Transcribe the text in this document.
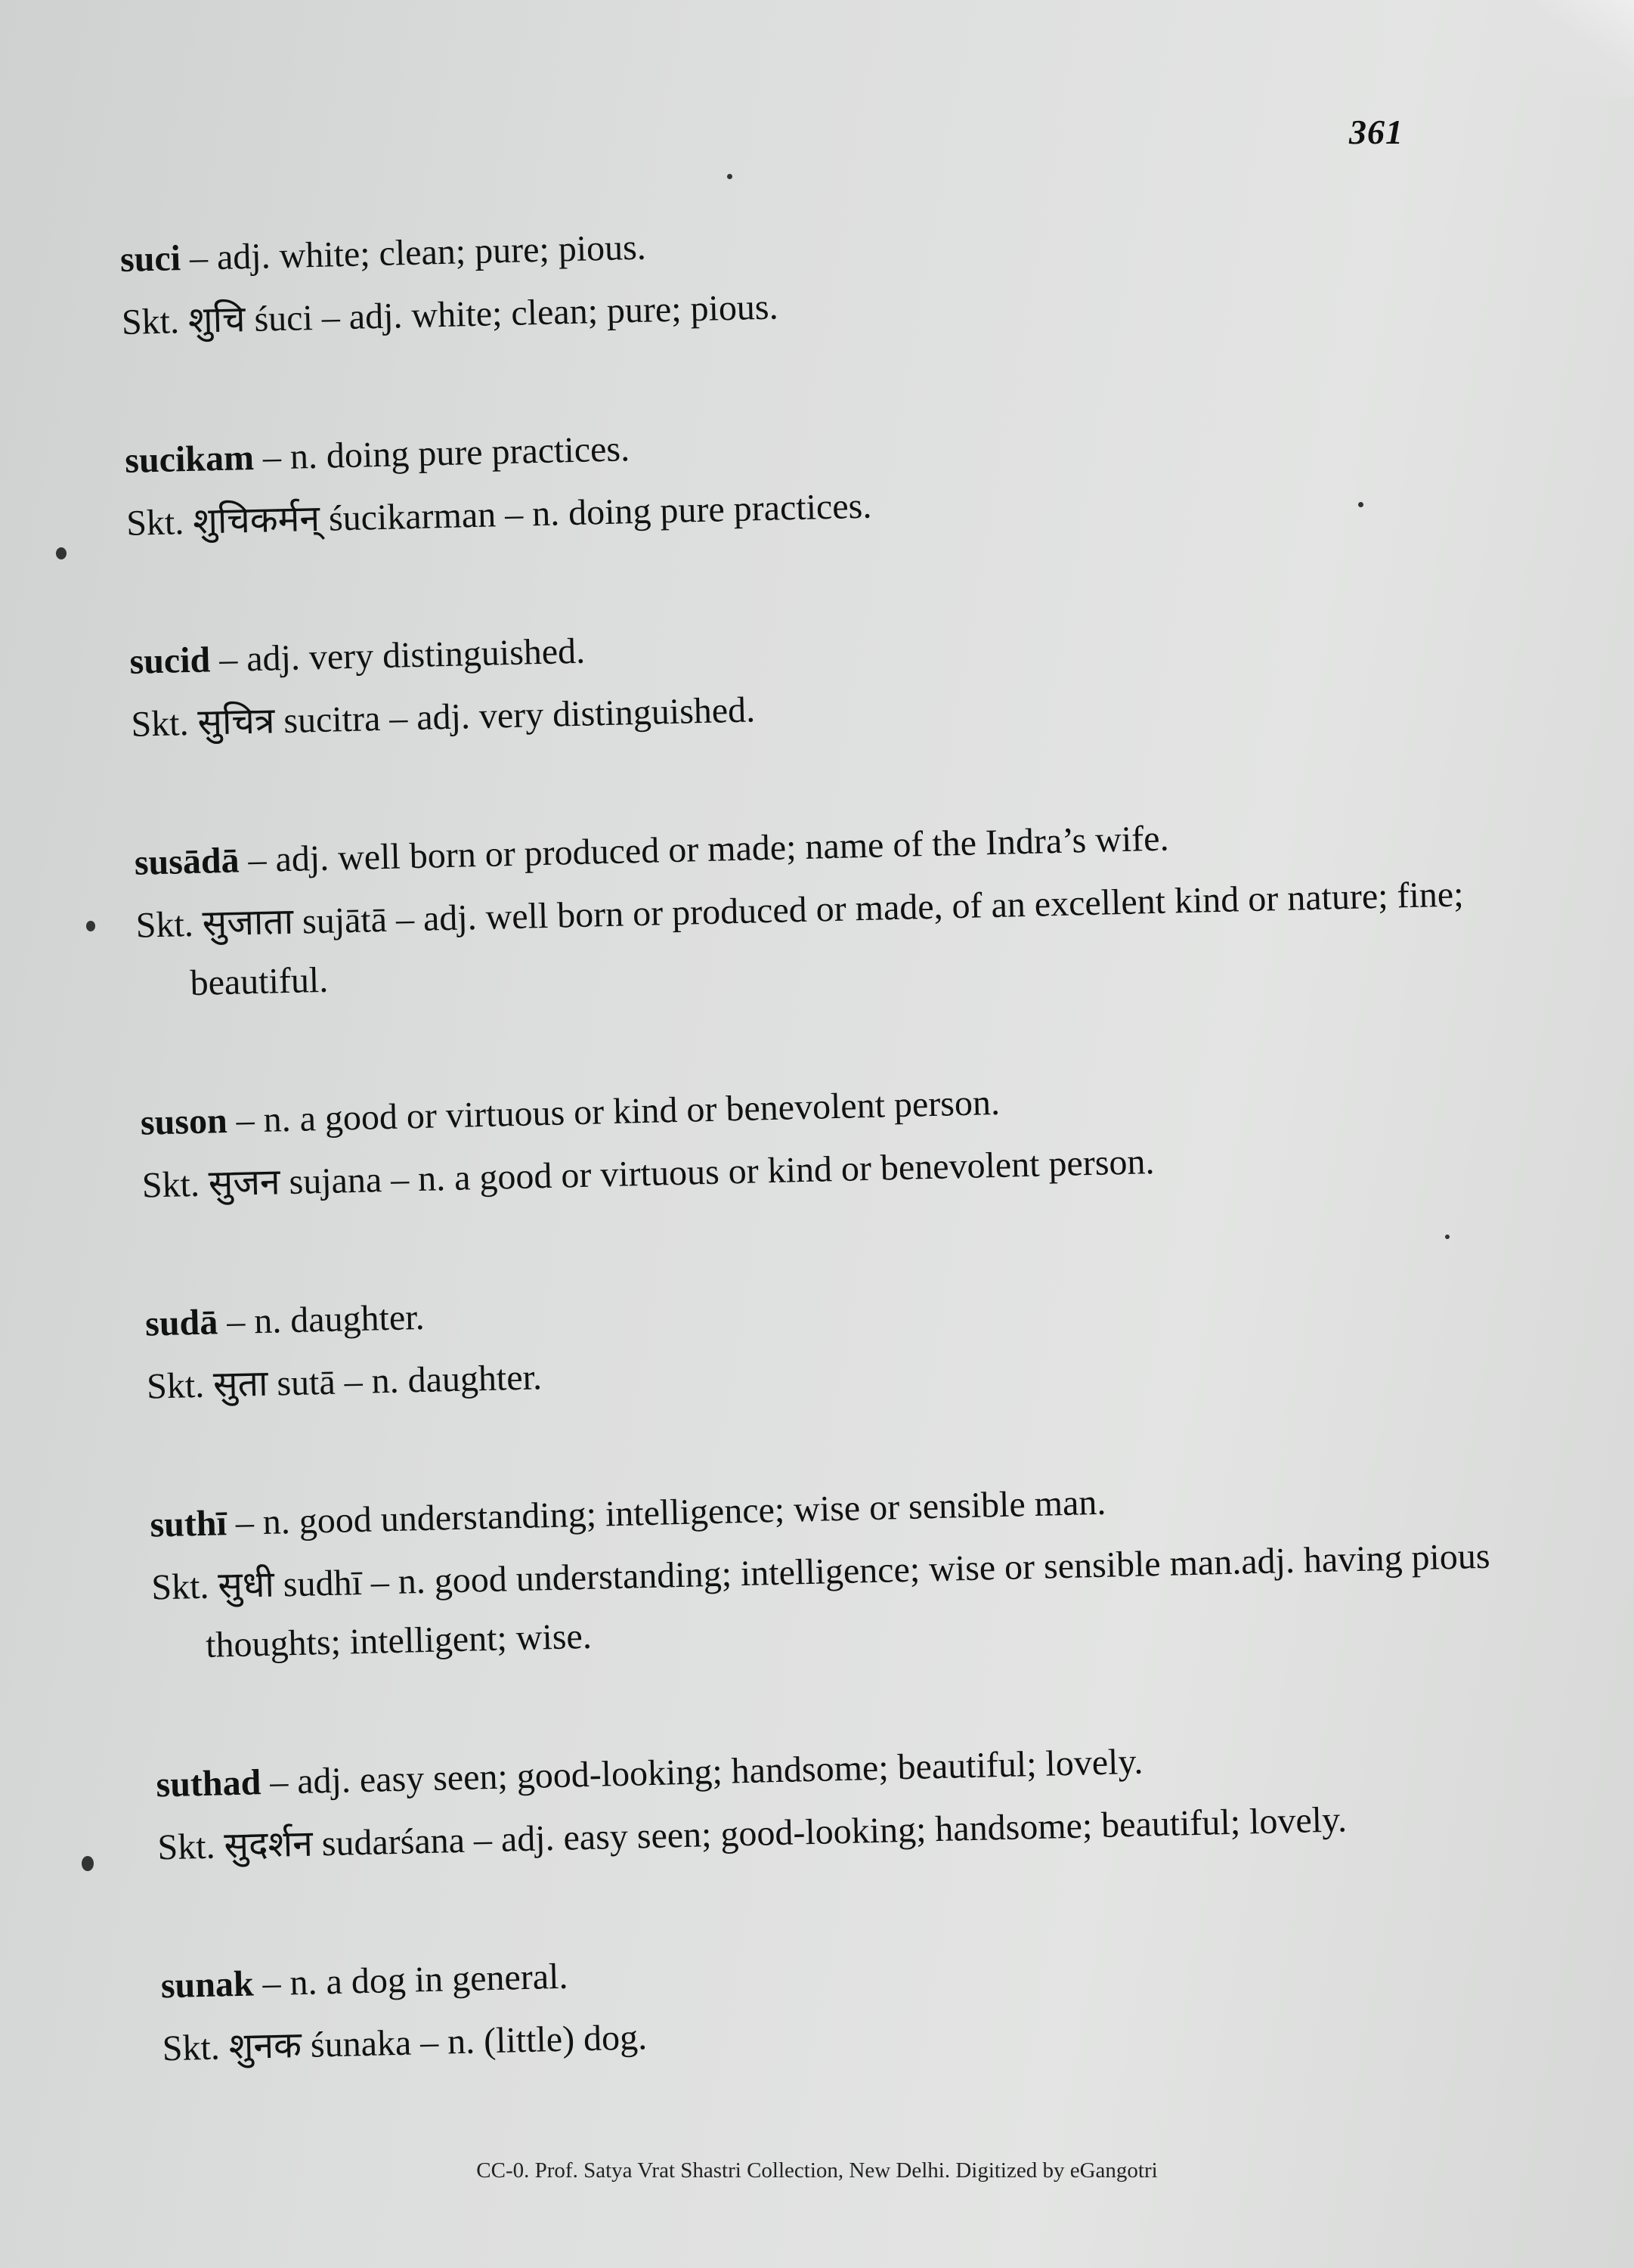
361
suci – adj. white; clean; pure; pious.
Skt. शुचि śuci – adj. white; clean; pure; pious.
sucikam – n. doing pure practices.
Skt. शुचिकर्मन् śucikarman – n. doing pure practices.
sucid – adj. very distinguished.
Skt. सुचित्र sucitra – adj. very distinguished.
susādā – adj. well born or produced or made; name of the Indra’s wife.
Skt. सुजाता sujātā – adj. well born or produced or made, of an excellent kind or nature; fine; beautiful.
suson – n. a good or virtuous or kind or benevolent person.
Skt. सुजन sujana – n. a good or virtuous or kind or benevolent person.
sudā – n. daughter.
Skt. सुता sutā – n. daughter.
suthī – n. good understanding; intelligence; wise or sensible man.
Skt. सुधी sudhī – n. good understanding; intelligence; wise or sensible man.adj. having pious thoughts; intelligent; wise.
suthad – adj. easy seen; good-looking; handsome; beautiful; lovely.
Skt. सुदर्शन sudarśana – adj. easy seen; good-looking; handsome; beautiful; lovely.
sunak – n. a dog in general.
Skt. शुनक śunaka – n. (little) dog.
CC-0. Prof. Satya Vrat Shastri Collection, New Delhi. Digitized by eGangotri
